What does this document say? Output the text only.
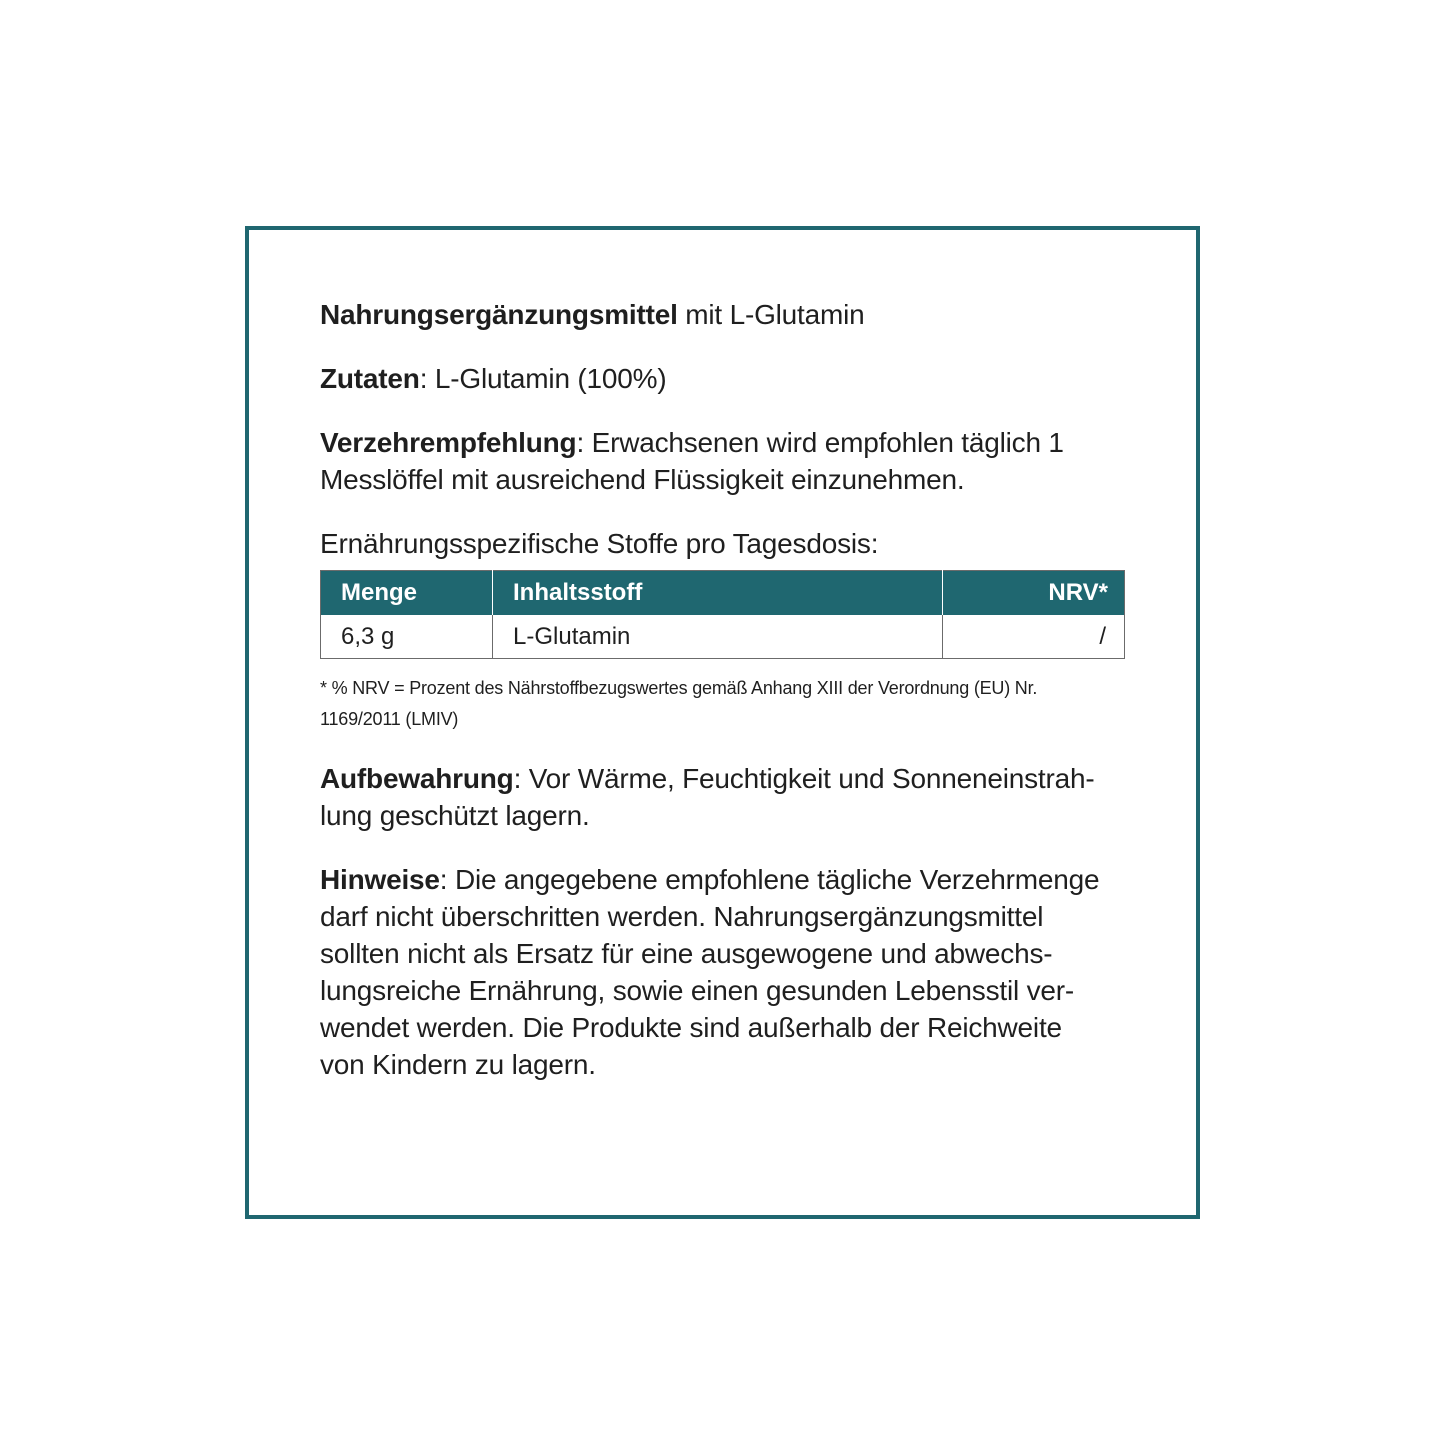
Nahrungsergänzungsmittel mit L-Glutamin

Zutaten: L-Glutamin (100%)

Verzehrempfehlung: Erwachsenen wird empfohlen täglich 1
Messlöffel mit ausreichend Flüssigkeit einzunehmen.

Ernährungsspezifische Stoffe pro Tagesdosis:

Menge	Inhaltsstoff	NRV*
6,3 g	L-Glutamin	/
* % NRV = Prozent des Nährstoffbezugswertes gemäß Anhang XIII der Verordnung (EU) Nr.
1169/2011 (LMIV)

Aufbewahrung: Vor Wärme, Feuchtigkeit und Sonneneinstrah-
lung geschützt lagern.

Hinweise: Die angegebene empfohlene tägliche Verzehrmenge
darf nicht überschritten werden. Nahrungsergänzungsmittel
sollten nicht als Ersatz für eine ausgewogene und abwechs-
lungsreiche Ernährung, sowie einen gesunden Lebensstil ver-
wendet werden. Die Produkte sind außerhalb der Reichweite
von Kindern zu lagern.
